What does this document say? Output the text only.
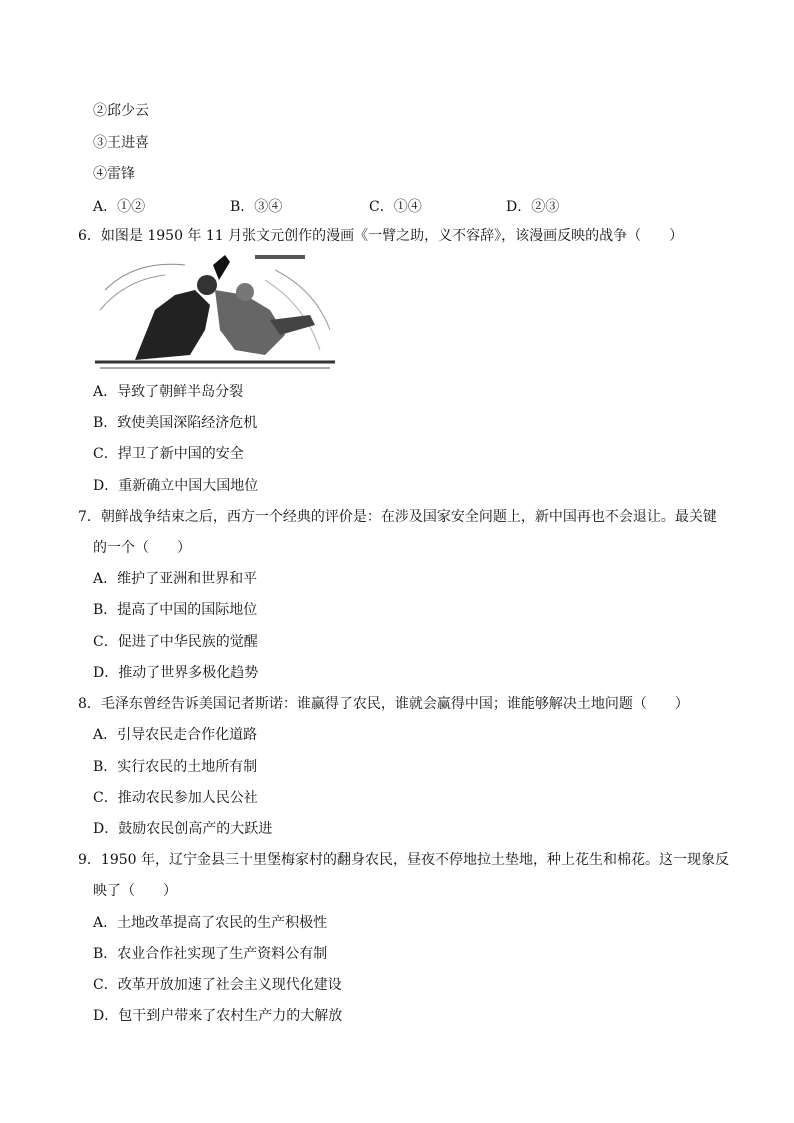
②邱少云
③王进喜
④雷锋
A．①②	B．③④	C．①④	D．②③
6．如图是 1950 年 11 月张文元创作的漫画《一臂之助，义不容辞》，该漫画反映的战争（　　）
A．导致了朝鲜半岛分裂
B．致使美国深陷经济危机
C．捍卫了新中国的安全
D．重新确立中国大国地位
7．朝鲜战争结束之后，西方一个经典的评价是：在涉及国家安全问题上，新中国再也不会退让。最关键
的一个（　　）
A．维护了亚洲和世界和平
B．提高了中国的国际地位
C．促进了中华民族的觉醒
D．推动了世界多极化趋势
8．毛泽东曾经告诉美国记者斯诺：谁赢得了农民，谁就会赢得中国；谁能够解决土地问题（　　）
A．引导农民走合作化道路
B．实行农民的土地所有制
C．推动农民参加人民公社
D．鼓励农民创高产的大跃进
9．1950 年，辽宁金县三十里堡梅家村的翻身农民，昼夜不停地拉土垫地，种上花生和棉花。这一现象反
映了（　　）
A．土地改革提高了农民的生产积极性
B．农业合作社实现了生产资料公有制
C．改革开放加速了社会主义现代化建设
D．包干到户带来了农村生产力的大解放
